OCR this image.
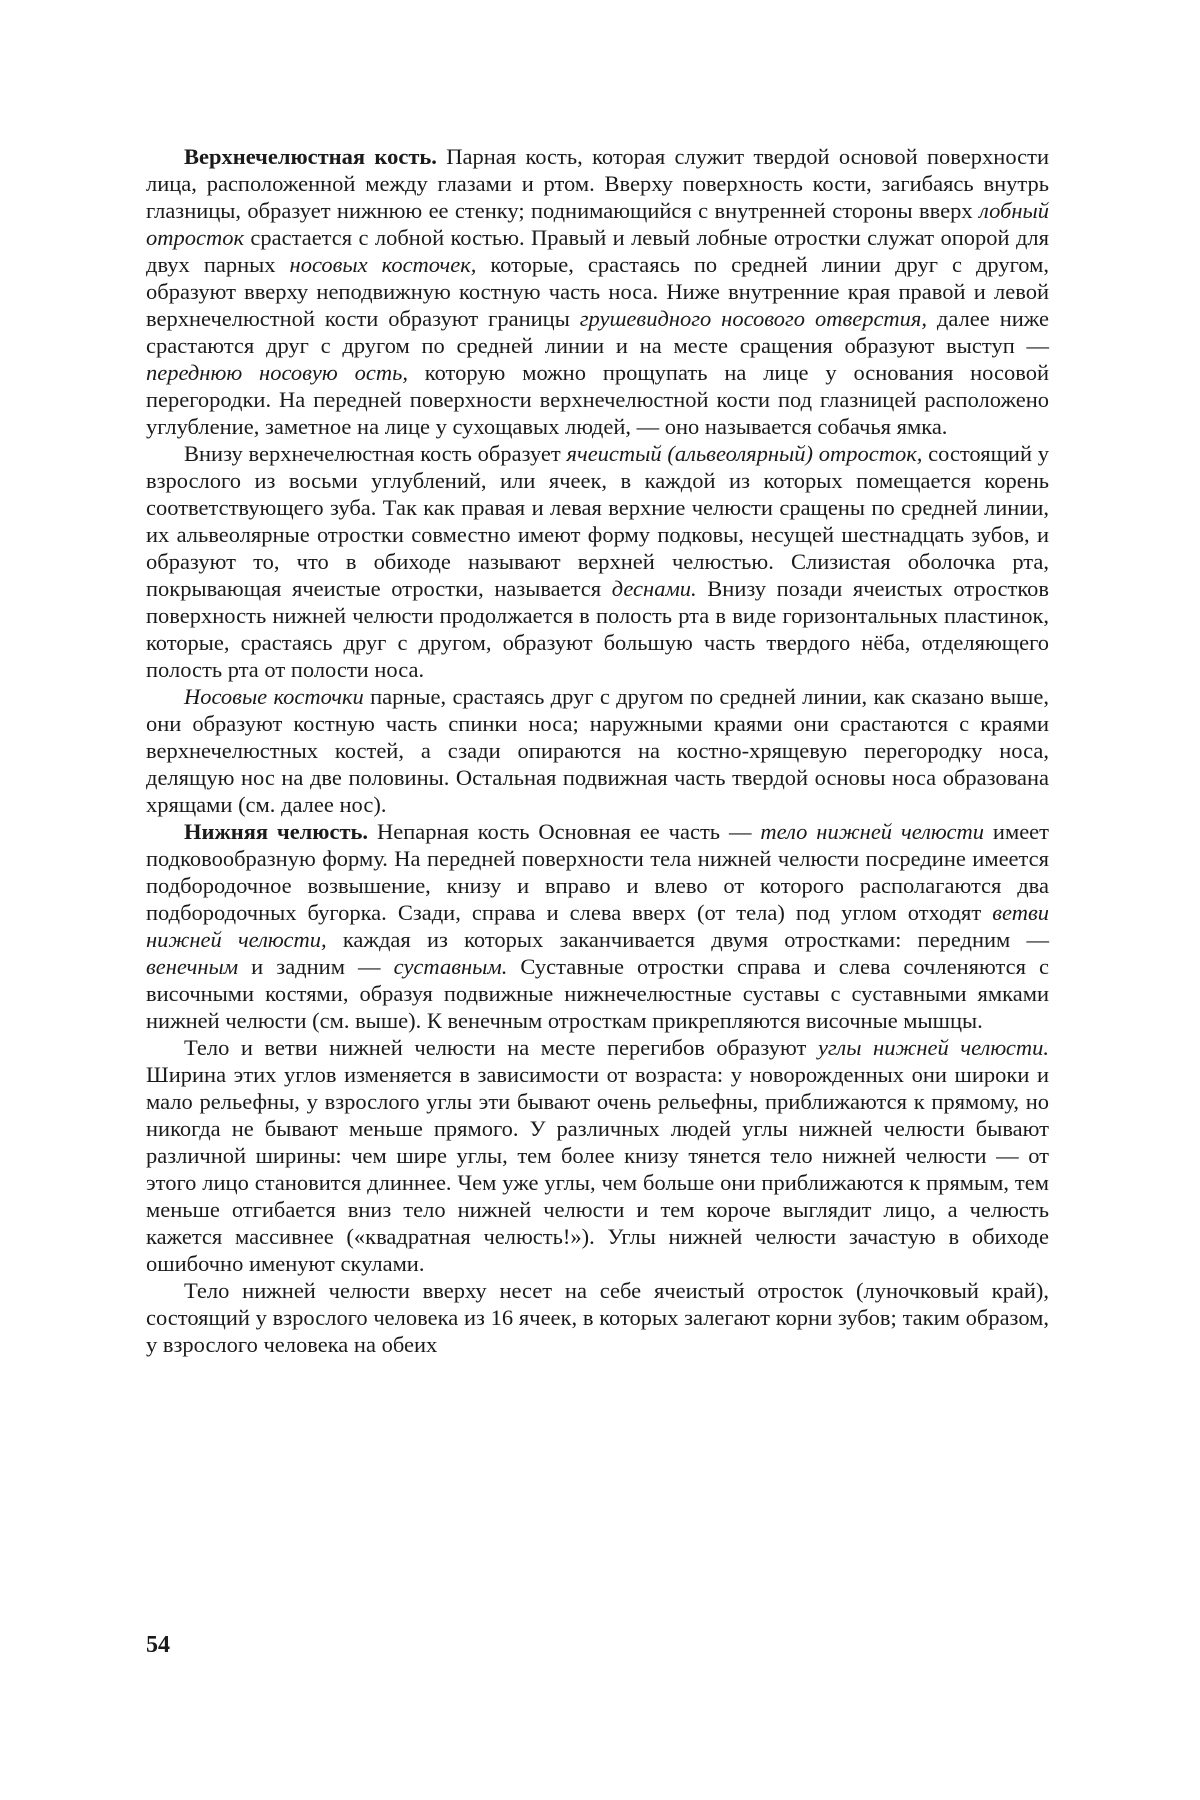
Верхнечелюстная кость. Парная кость, которая служит твердой основой поверхности лица, расположенной между глазами и ртом. Вверху поверхность кости, загибаясь внутрь глазницы, образует нижнюю ее стенку; поднимающийся с внутренней стороны вверх лобный отросток срастается с лобной костью. Правый и левый лобные отростки служат опорой для двух парных носовых косточек, которые, срастаясь по средней линии друг с другом, образуют вверху неподвижную костную часть носа. Ниже внутренние края правой и левой верхнечелюстной кости образуют границы грушевидного носового отверстия, далее ниже срастаются друг с другом по средней линии и на месте сращения образуют выступ — переднюю носовую ость, которую можно прощупать на лице у основания носовой перегородки. На передней поверхности верхнечелюстной кости под глазницей расположено углубление, заметное на лице у сухощавых людей, — оно называется собачья ямка.

Внизу верхнечелюстная кость образует ячеистый (альвеолярный) отросток, состоящий у взрослого из восьми углублений, или ячеек, в каждой из которых помещается корень соответствующего зуба. Так как правая и левая верхние челюсти сращены по средней линии, их альвеолярные отростки совместно имеют форму подковы, несущей шестнадцать зубов, и образуют то, что в обиходе называют верхней челюстью. Слизистая оболочка рта, покрывающая ячеистые отростки, называется деснами. Внизу позади ячеистых отростков поверхность нижней челюсти продолжается в полость рта в виде горизонтальных пластинок, которые, срастаясь друг с другом, образуют большую часть твердого нёба, отделяющего полость рта от полости носа.

Носовые косточки парные, срастаясь друг с другом по средней линии, как сказано выше, они образуют костную часть спинки носа; наружными краями они срастаются с краями верхнечелюстных костей, а сзади опираются на костно-хрящевую перегородку носа, делящую нос на две половины. Остальная подвижная часть твердой основы носа образована хрящами (см. далее нос).

Нижняя челюсть. Непарная кость Основная ее часть — тело нижней челюсти имеет подковообразную форму. На передней поверхности тела нижней челюсти посредине имеется подбородочное возвышение, книзу и вправо и влево от которого располагаются два подбородочных бугорка. Сзади, справа и слева вверх (от тела) под углом отходят ветви нижней челюсти, каждая из которых заканчивается двумя отростками: передним — венечным и задним — суставным. Суставные отростки справа и слева сочленяются с височными костями, образуя подвижные нижнечелюстные суставы с суставными ямками нижней челюсти (см. выше). К венечным отросткам прикрепляются височные мышцы.

Тело и ветви нижней челюсти на месте перегибов образуют углы нижней челюсти. Ширина этих углов изменяется в зависимости от возраста: у новорожденных они широки и мало рельефны, у взрослого углы эти бывают очень рельефны, приближаются к прямому, но никогда не бывают меньше прямого. У различных людей углы нижней челюсти бывают различной ширины: чем шире углы, тем более книзу тянется тело нижней челюсти — от этого лицо становится длиннее. Чем уже углы, чем больше они приближаются к прямым, тем меньше отгибается вниз тело нижней челюсти и тем короче выглядит лицо, а челюсть кажется массивнее («квадратная челюсть!»). Углы нижней челюсти зачастую в обиходе ошибочно именуют скулами.

Тело нижней челюсти вверху несет на себе ячеистый отросток (луночковый край), состоящий у взрослого человека из 16 ячеек, в которых залегают корни зубов; таким образом, у взрослого человека на обеих

54
